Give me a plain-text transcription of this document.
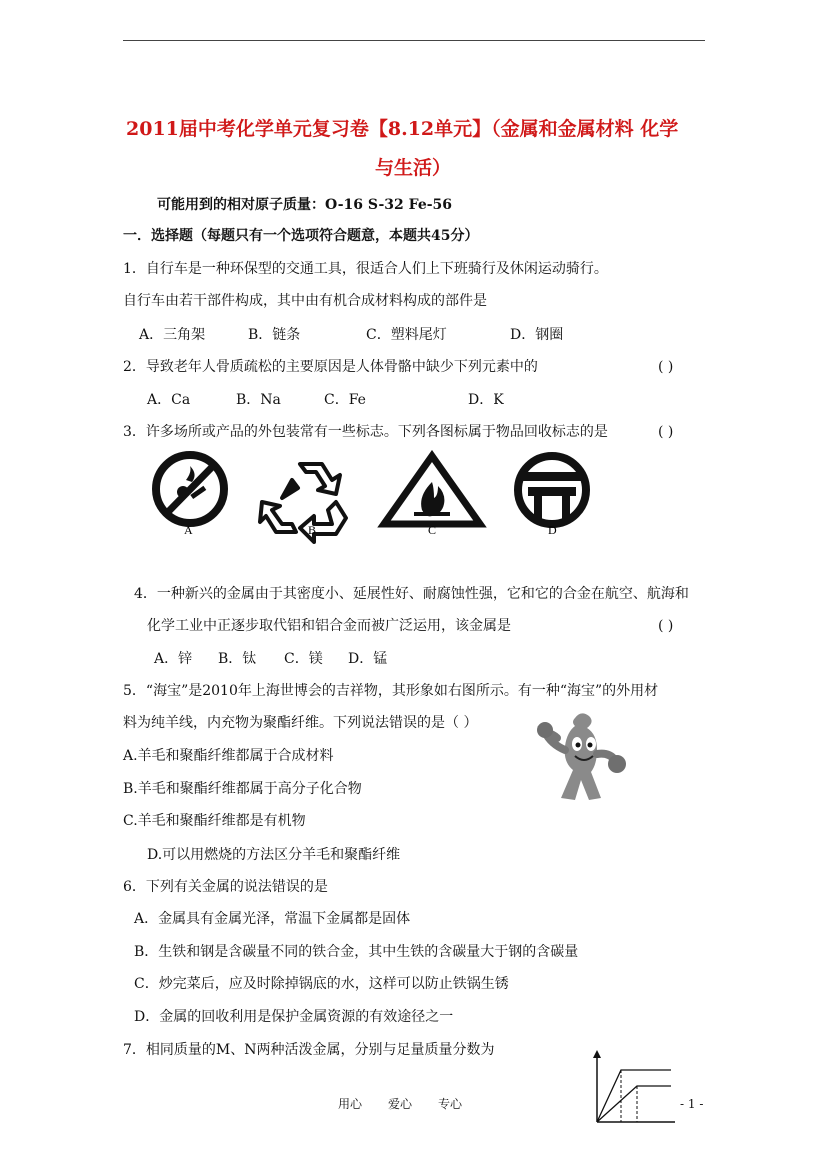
2011届中考化学单元复习卷【8.12单元】（金属和金属材料 化学
与生活）
可能用到的相对原子质量：O-16 S-32 Fe-56
一．选择题（每题只有一个选项符合题意，本题共45分）
1．自行车是一种环保型的交通工具，很适合人们上下班骑行及休闲运动骑行。
自行车由若干部件构成，其中由有机合成材料构成的部件是
A．三角架	B．链条	C．塑料尾灯	D．钢圈
2．导致老年人骨质疏松的主要原因是人体骨骼中缺少下列元素中的	( )
A．Ca	B．Na	C．Fe	D．K
3．许多场所或产品的外包装常有一些标志。下列各图标属于物品回收标志的是	( )
A	B	C	D
4．一种新兴的金属由于其密度小、延展性好、耐腐蚀性强，它和它的合金在航空、航海和
化学工业中正逐步取代铝和铝合金而被广泛运用，该金属是	( )
A．锌 B．钛 C．镁 D．锰
5．“海宝”是2010年上海世博会的吉祥物，其形象如右图所示。有一种“海宝”的外用材
料为纯羊线，内充物为聚酯纤维。下列说法错误的是（ ）
A.羊毛和聚酯纤维都属于合成材料
B.羊毛和聚酯纤维都属于高分子化合物
C.羊毛和聚酯纤维都是有机物
D.可以用燃烧的方法区分羊毛和聚酯纤维
6．下列有关金属的说法错误的是
A．金属具有金属光泽，常温下金属都是固体
B．生铁和钢是含碳量不同的铁合金，其中生铁的含碳量大于钢的含碳量
C．炒完菜后，应及时除掉锅底的水，这样可以防止铁锅生锈
D．金属的回收利用是保护金属资源的有效途径之一
7．相同质量的M、N两种活泼金属，分别与足量质量分数为
用心 爱心 专心	- 1 -
